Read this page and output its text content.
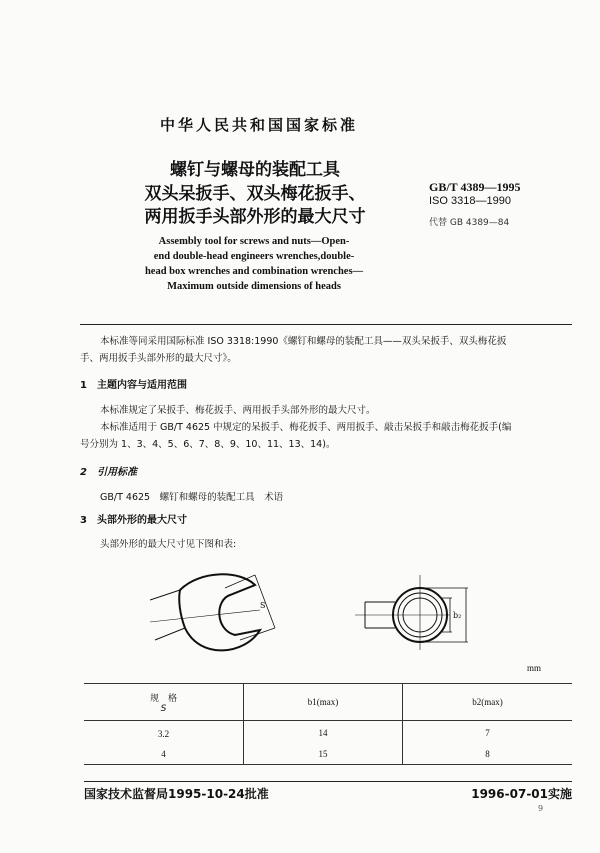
中华人民共和国国家标准
螺钉与螺母的装配工具
双头呆扳手、双头梅花扳手、
两用扳手头部外形的最大尺寸
GB/T 4389—1995
ISO 3318—1990
代替 GB 4389—84
Assembly tool for screws and nuts—Open-
end double-head engineers wrenches,double-
head box wrenches and combination wrenches—
Maximum outside dimensions of heads
本标准等同采用国际标准 ISO 3318:1990《螺钉和螺母的装配工具——双头呆扳手、双头梅花扳
手、两用扳手头部外形的最大尺寸》。
1　主题内容与适用范围
本标准规定了呆扳手、梅花扳手、两用扳手头部外形的最大尺寸。
本标准适用于 GB/T 4625 中规定的呆扳手、梅花扳手、两用扳手、敲击呆扳手和敲击梅花扳手(编
号分别为 1、3、4、5、6、7、8、9、10、11、13、14)。
2　引用标准
GB/T 4625　螺钉和螺母的装配工具　术语
3　头部外形的最大尺寸
头部外形的最大尺寸见下图和表:
S
b₂
mm
规　格
S	b1(max)	b2(max)
3.2	14	7
4	15	8
国家技术监督局1995-10-24批准	1996-07-01实施
9
